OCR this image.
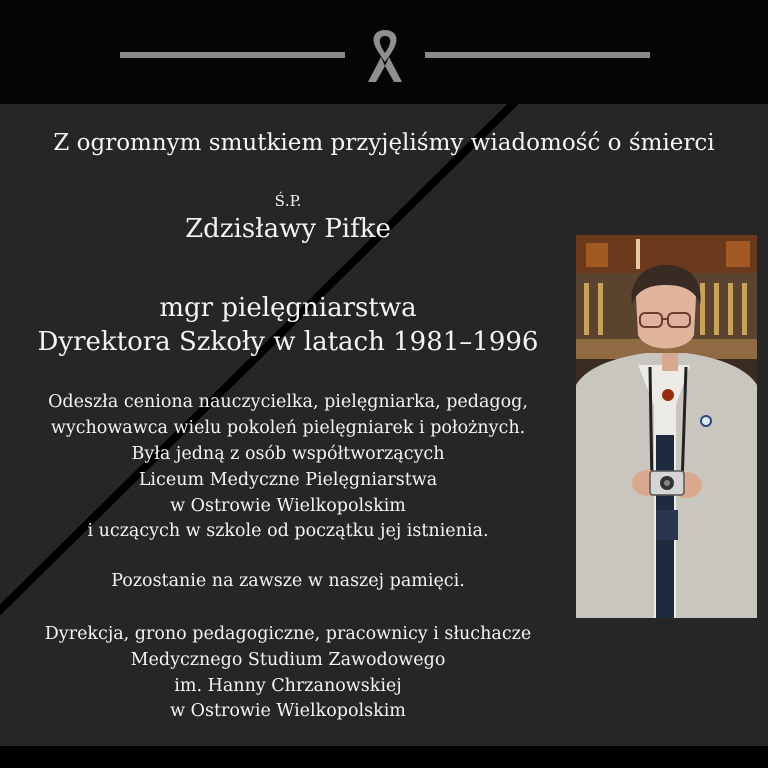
Z ogromnym smutkiem przyjęliśmy wiadomość o śmierci
Ś.P.
Zdzisławy Pifke
mgr pielęgniarstwa
Dyrektora Szkoły w latach 1981–1996
Odeszła ceniona nauczycielka, pielęgniarka, pedagog,
wychowawca wielu pokoleń pielęgniarek i położnych.
Była jedną z osób współtworzących
Liceum Medyczne Pielęgniarstwa
w Ostrowie Wielkopolskim
i uczących w szkole od początku jej istnienia.
Pozostanie na zawsze w naszej pamięci.
Dyrekcja, grono pedagogiczne, pracownicy i słuchacze
Medycznego Studium Zawodowego
im. Hanny Chrzanowskiej
w Ostrowie Wielkopolskim
